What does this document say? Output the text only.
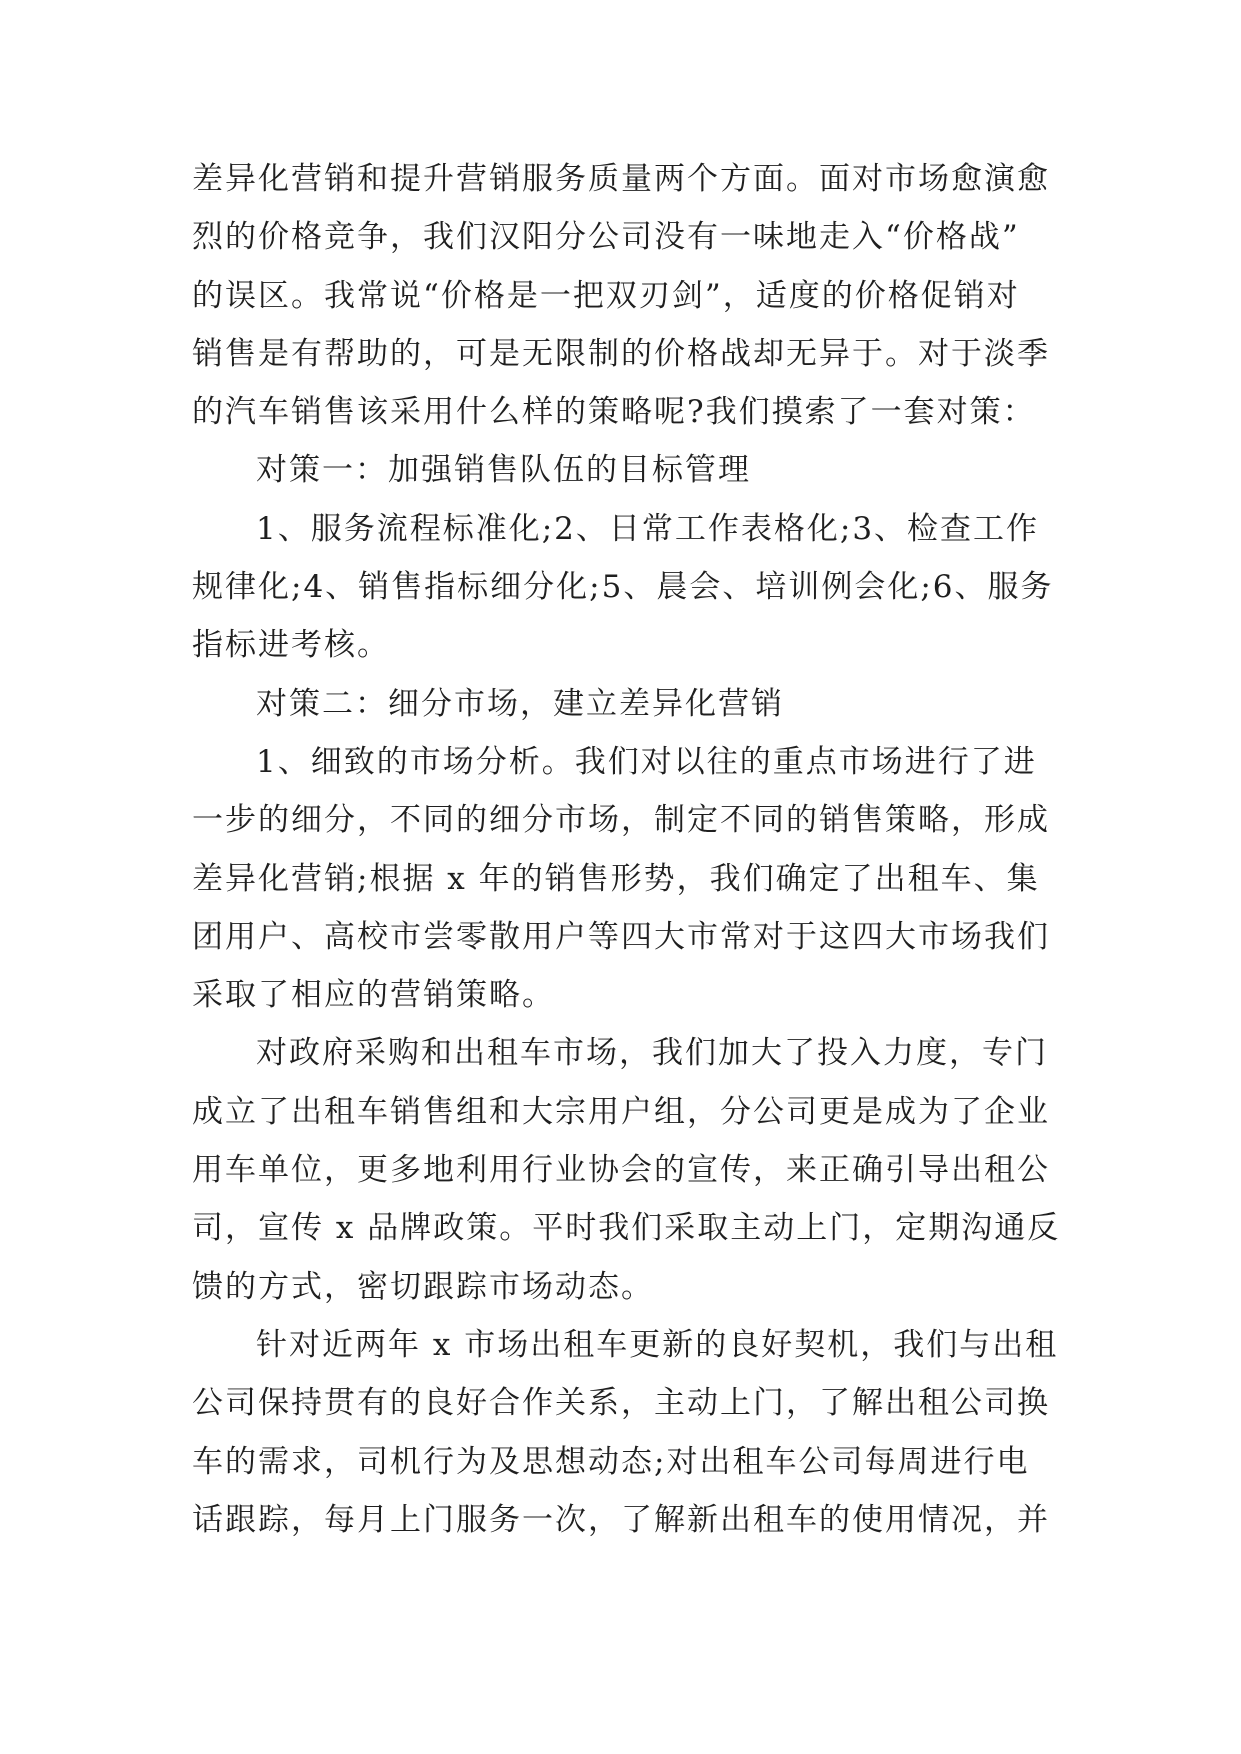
差异化营销和提升营销服务质量两个方面。面对市场愈演愈
烈的价格竞争，我们汉阳分公司没有一味地走入“价格战”
的误区。我常说“价格是一把双刃剑”，适度的价格促销对
销售是有帮助的，可是无限制的价格战却无异于。对于淡季
的汽车销售该采用什么样的策略呢?我们摸索了一套对策：
对策一：加强销售队伍的目标管理
1、服务流程标准化;2、日常工作表格化;3、检查工作
规律化;4、销售指标细分化;5、晨会、培训例会化;6、服务
指标进考核。
对策二：细分市场，建立差异化营销
1、细致的市场分析。我们对以往的重点市场进行了进
一步的细分，不同的细分市场，制定不同的销售策略，形成
差异化营销;根据 x 年的销售形势，我们确定了出租车、集
团用户、高校市尝零散用户等四大市常对于这四大市场我们
采取了相应的营销策略。
对政府采购和出租车市场，我们加大了投入力度，专门
成立了出租车销售组和大宗用户组，分公司更是成为了企业
用车单位，更多地利用行业协会的宣传，来正确引导出租公
司，宣传 x 品牌政策。平时我们采取主动上门，定期沟通反
馈的方式，密切跟踪市场动态。
针对近两年 x 市场出租车更新的良好契机，我们与出租
公司保持贯有的良好合作关系，主动上门，了解出租公司换
车的需求，司机行为及思想动态;对出租车公司每周进行电
话跟踪，每月上门服务一次，了解新出租车的使用情况，并
